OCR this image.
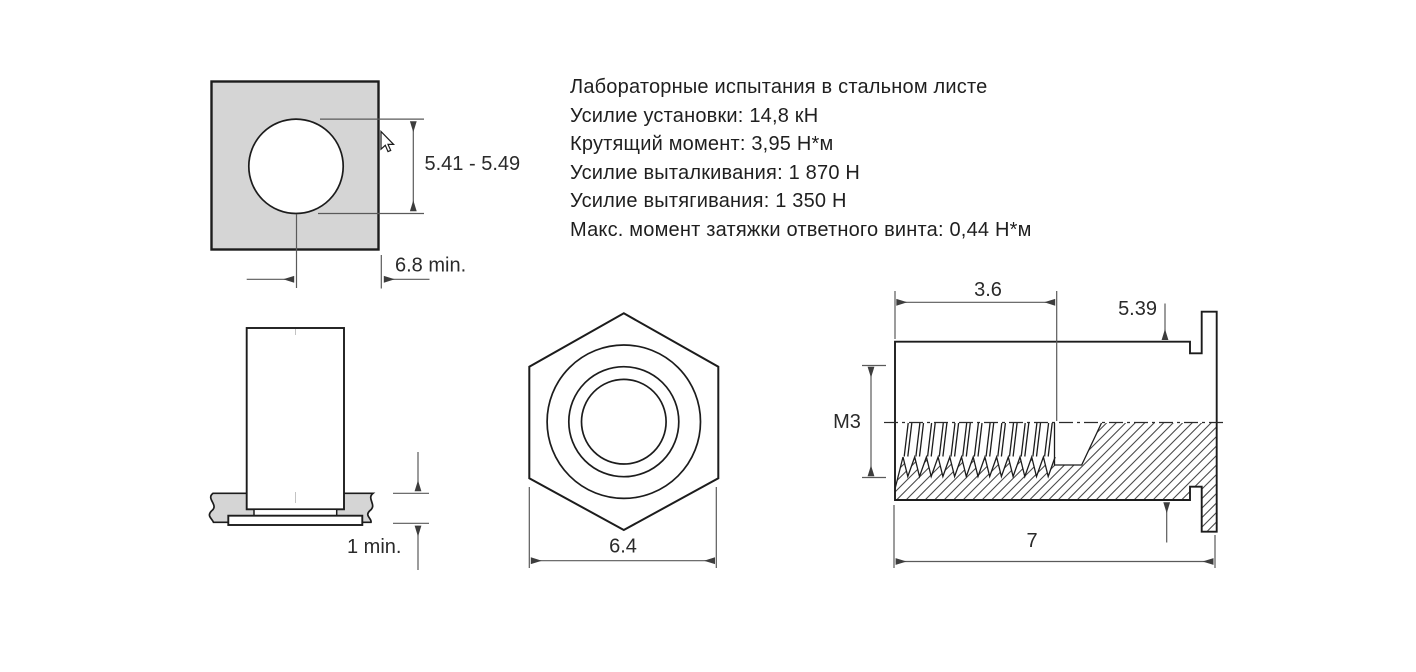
5.41 - 5.49
6.8 min.
1 min.	6.4
3.6
5.39
M3
7
Лабораторные испытания в стальном листе
Усилие установки: 14,8 кН
Крутящий момент: 3,95 Н*м
Усилие выталкивания: 1 870 Н
Усилие вытягивания: 1 350 Н
Макс. момент затяжки ответного винта: 0,44 Н*м
